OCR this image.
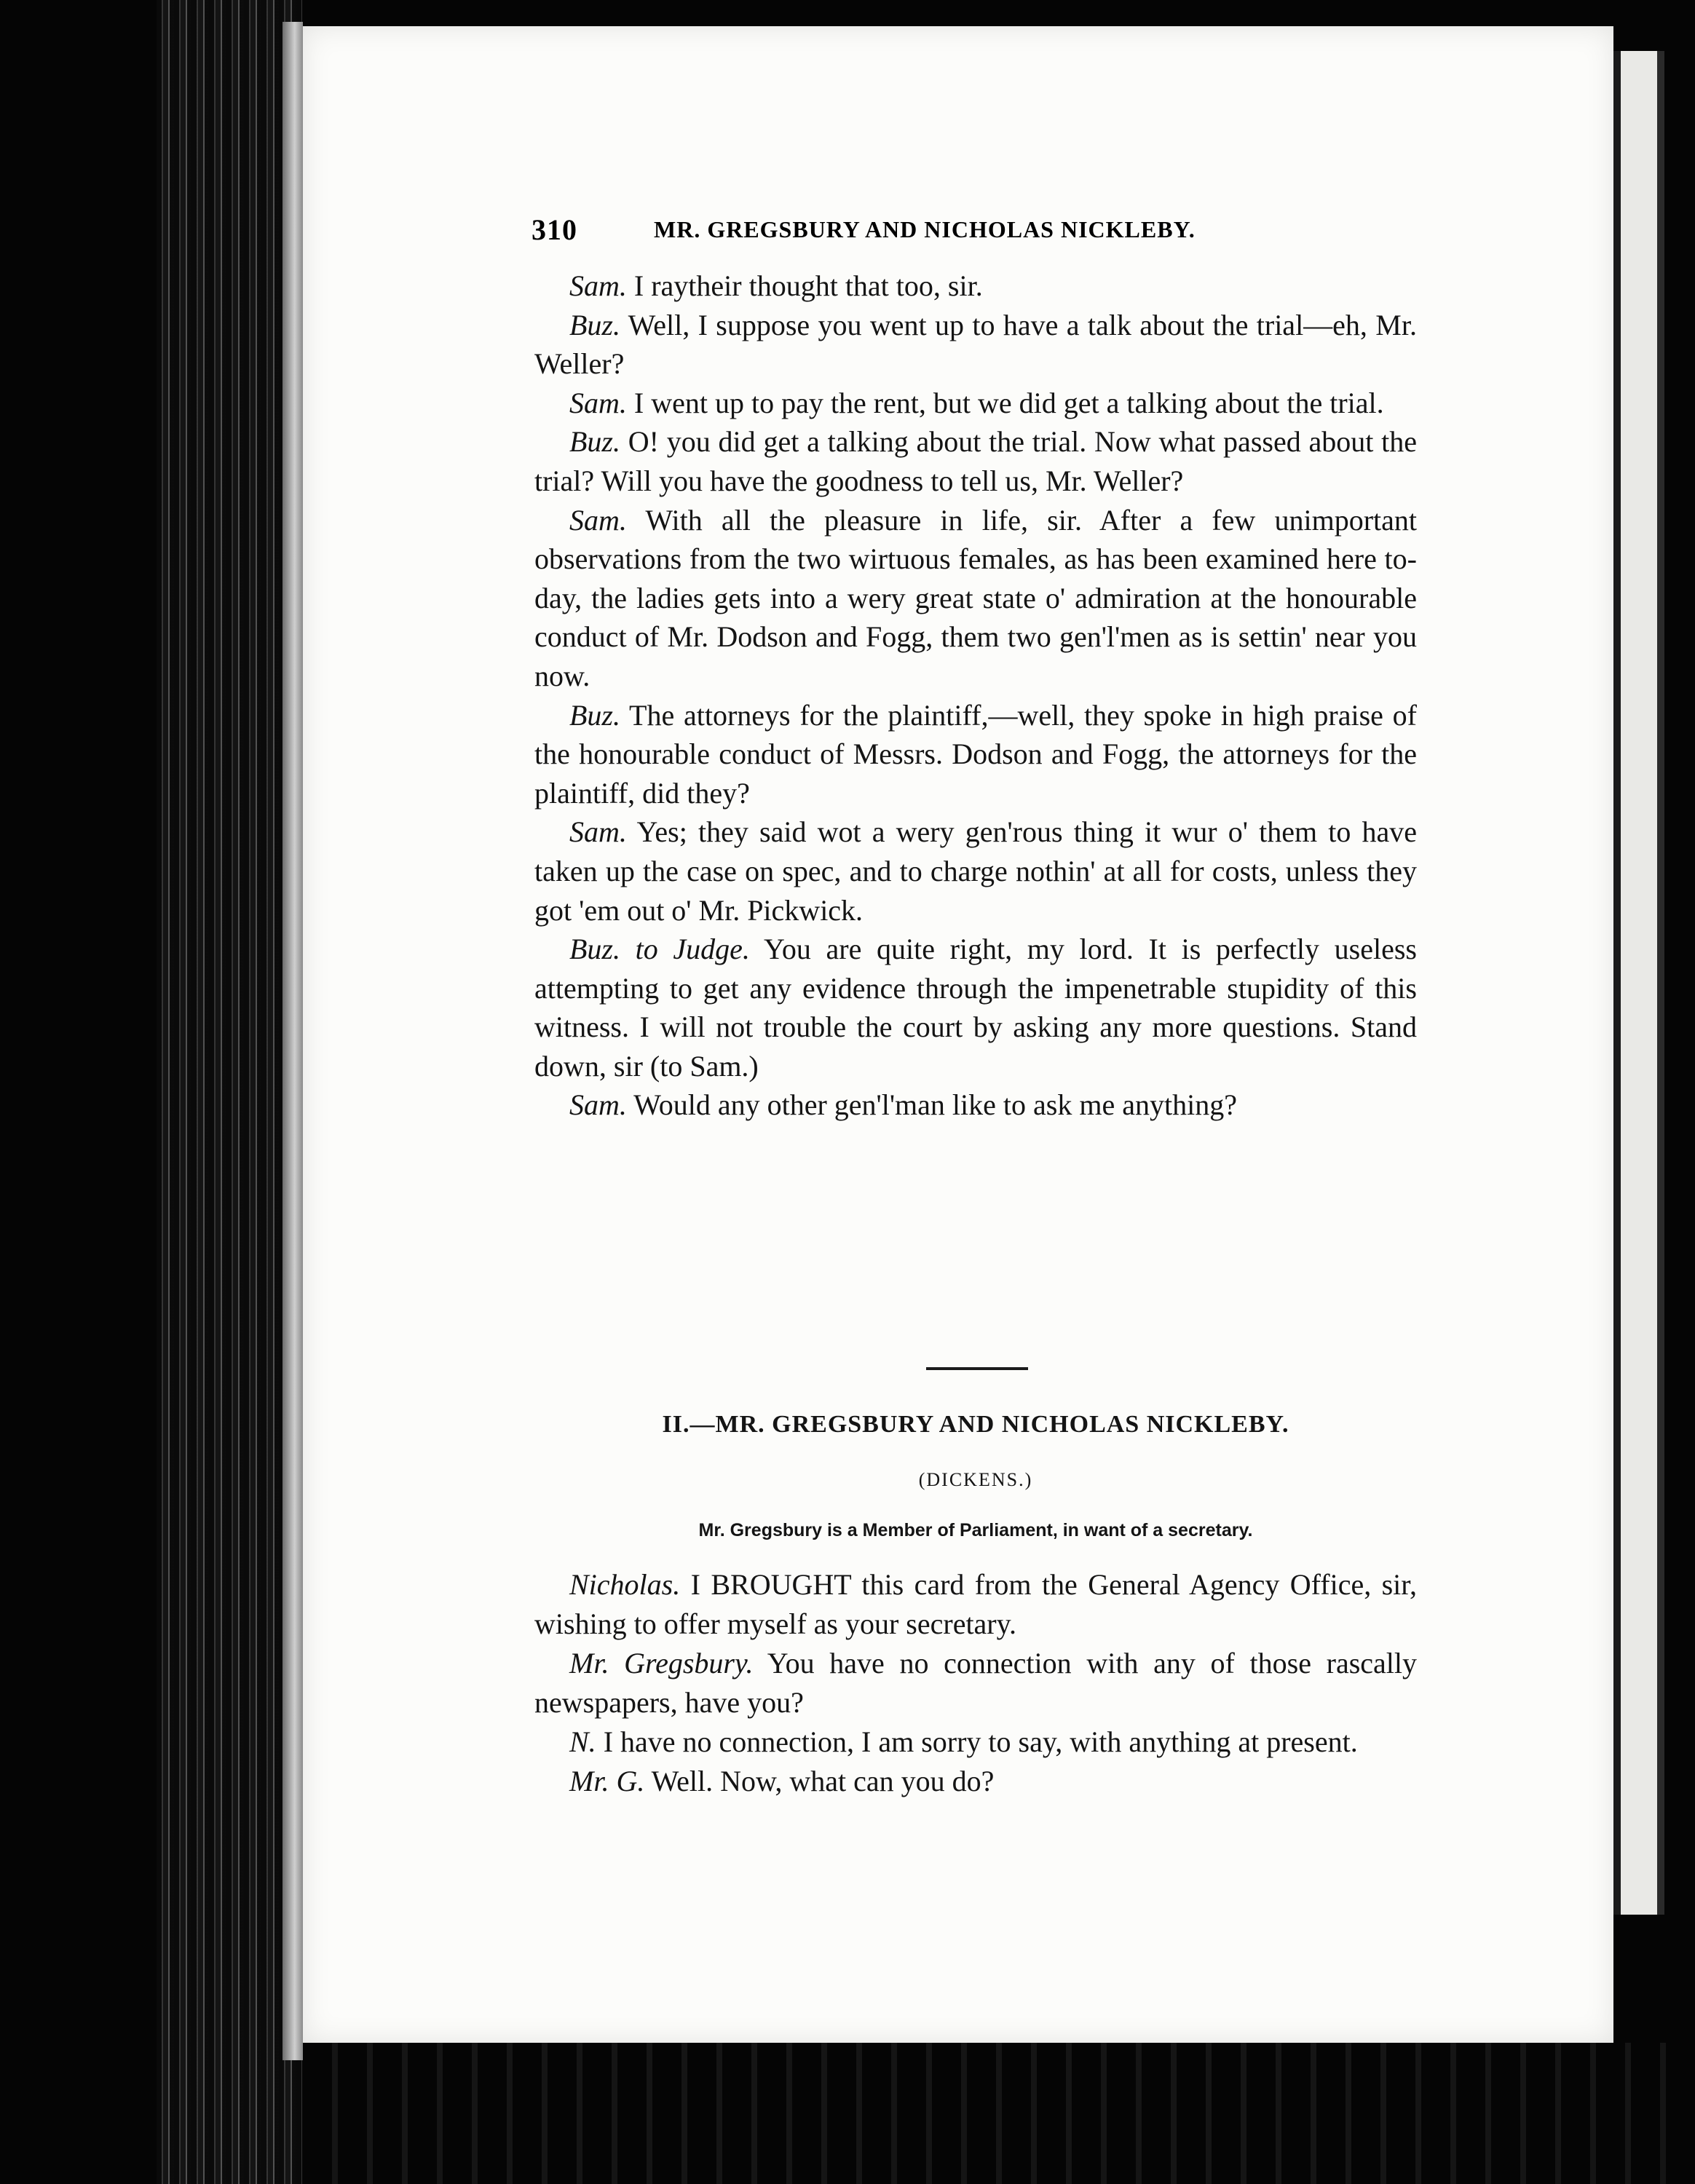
310	MR. GREGSBURY AND NICHOLAS NICKLEBY.

Sam. I raytheir thought that too, sir.

Buz. Well, I suppose you went up to have a talk about the trial—eh, Mr. Weller?

Sam. I went up to pay the rent, but we did get a talking about the trial.

Buz. O! you did get a talking about the trial. Now what passed about the trial? Will you have the goodness to tell us, Mr. Weller?

Sam. With all the pleasure in life, sir. After a few unimportant observations from the two wirtuous females, as has been examined here to-day, the ladies gets into a wery great state o' admiration at the honourable conduct of Mr. Dodson and Fogg, them two gen'l'men as is settin' near you now.

Buz. The attorneys for the plaintiff,—well, they spoke in high praise of the honourable conduct of Messrs. Dodson and Fogg, the attorneys for the plaintiff, did they?

Sam. Yes; they said wot a wery gen'rous thing it wur o' them to have taken up the case on spec, and to charge nothin' at all for costs, unless they got 'em out o' Mr. Pickwick.

Buz. to Judge. You are quite right, my lord. It is perfectly useless attempting to get any evidence through the impenetrable stupidity of this witness. I will not trouble the court by asking any more questions. Stand down, sir (to Sam.)

Sam. Would any other gen'l'man like to ask me anything?

II.—MR. GREGSBURY AND NICHOLAS NICKLEBY.
(DICKENS.)
Mr. Gregsbury is a Member of Parliament, in want of a secretary.

Nicholas. I BROUGHT this card from the General Agency Office, sir, wishing to offer myself as your secretary.

Mr. Gregsbury. You have no connection with any of those rascally newspapers, have you?

N. I have no connection, I am sorry to say, with anything at present.

Mr. G. Well. Now, what can you do?
